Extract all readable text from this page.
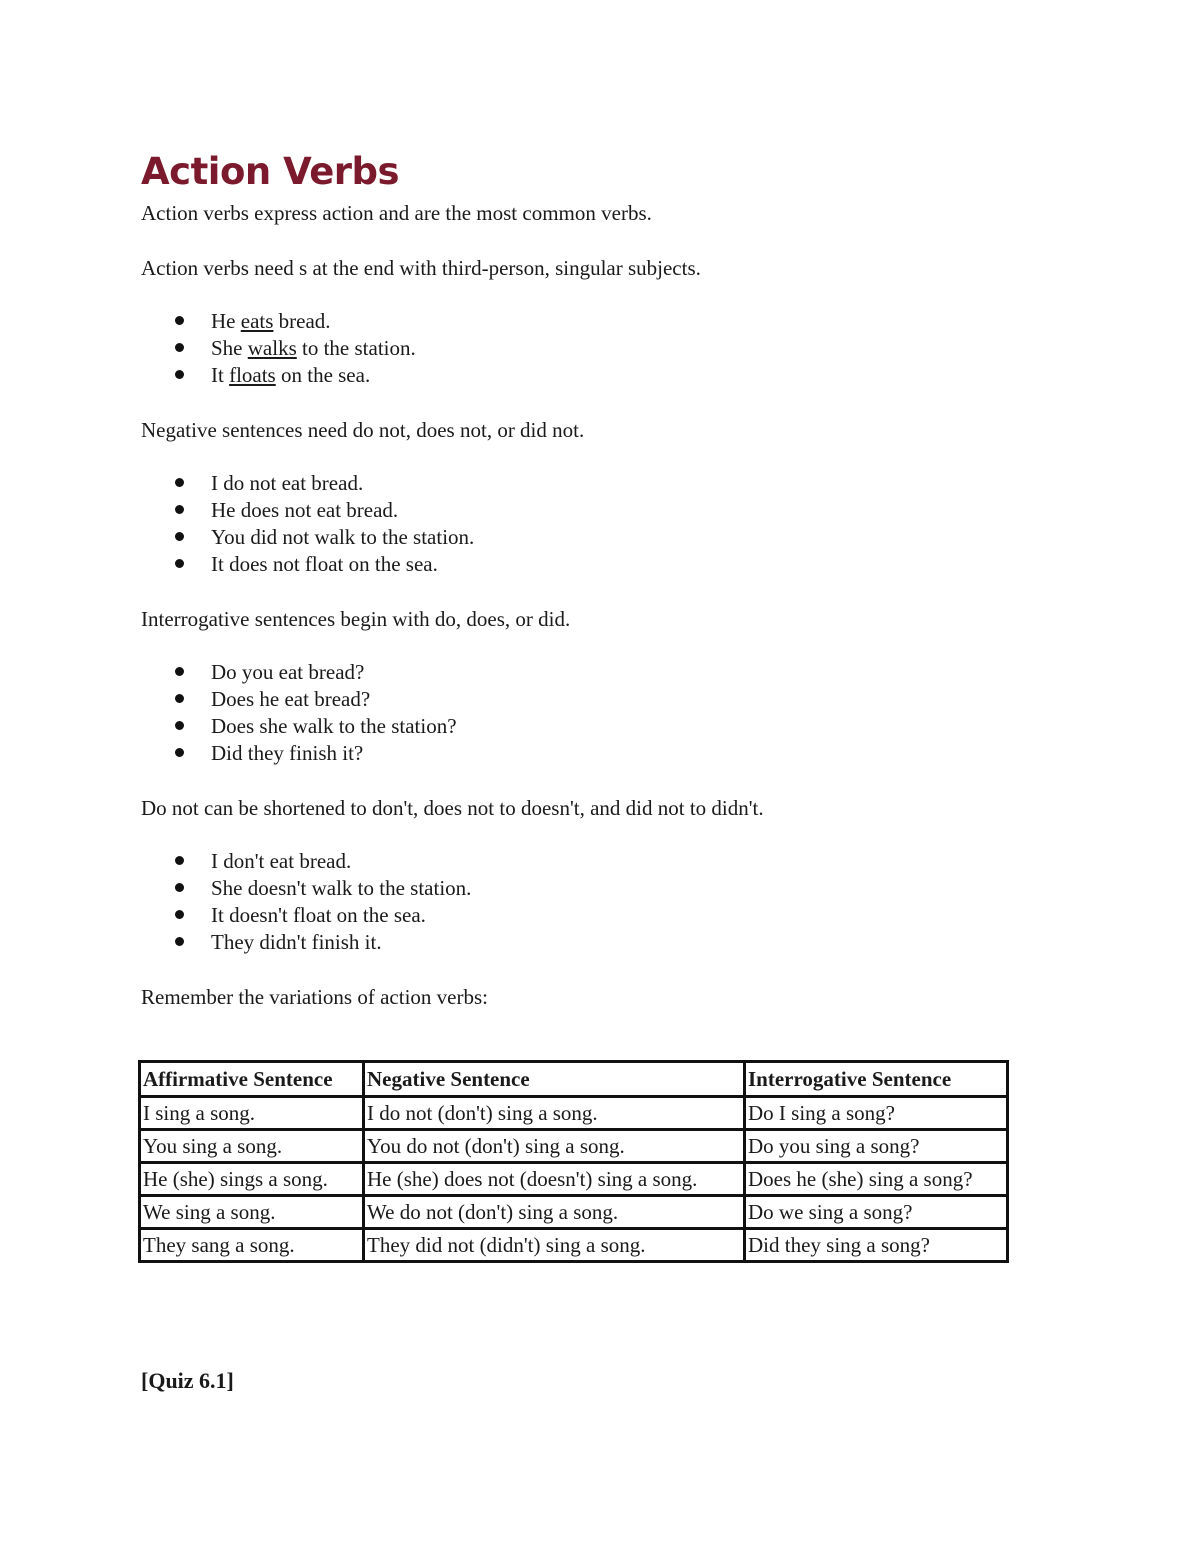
Action Verbs

Action verbs express action and are the most common verbs.

Action verbs need s at the end with third-person, singular subjects.

He eats bread.
She walks to the station.
It floats on the sea.

Negative sentences need do not, does not, or did not.

I do not eat bread.
He does not eat bread.
You did not walk to the station.
It does not float on the sea.

Interrogative sentences begin with do, does, or did.

Do you eat bread?
Does he eat bread?
Does she walk to the station?
Did they finish it?

Do not can be shortened to don't, does not to doesn't, and did not to didn't.

I don't eat bread.
She doesn't walk to the station.
It doesn't float on the sea.
They didn't finish it.

Remember the variations of action verbs:

Affirmative Sentence	Negative Sentence	Interrogative Sentence
I sing a song.	I do not (don't) sing a song.	Do I sing a song?
You sing a song.	You do not (don't) sing a song.	Do you sing a song?
He (she) sings a song.	He (she) does not (doesn't) sing a song.	Does he (she) sing a song?
We sing a song.	We do not (don't) sing a song.	Do we sing a song?
They sang a song.	They did not (didn't) sing a song.	Did they sing a song?
[Quiz 6.1]
